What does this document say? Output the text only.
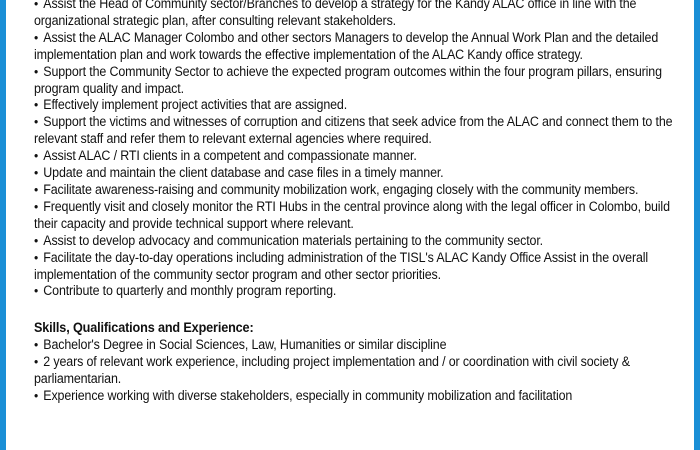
• Assist the Head of Community sector/Branches to develop a strategy for the Kandy ALAC office in line with the organizational strategic plan, after consulting relevant stakeholders.
• Assist the ALAC Manager Colombo and other sectors Managers to develop the Annual Work Plan and the detailed implementation plan and work towards the effective implementation of the ALAC Kandy office strategy.
• Support the Community Sector to achieve the expected program outcomes within the four program pillars, ensuring program quality and impact.
• Effectively implement project activities that are assigned.
• Support the victims and witnesses of corruption and citizens that seek advice from the ALAC and connect them to the relevant staff and refer them to relevant external agencies where required.
• Assist ALAC / RTI clients in a competent and compassionate manner.
• Update and maintain the client database and case files in a timely manner.
• Facilitate awareness-raising and community mobilization work, engaging closely with the community members.
• Frequently visit and closely monitor the RTI Hubs in the central province along with the legal officer in Colombo, build their capacity and provide technical support where relevant.
• Assist to develop advocacy and communication materials pertaining to the community sector.
• Facilitate the day-to-day operations including administration of the TISL's ALAC Kandy Office Assist in the overall implementation of the community sector program and other sector priorities.
• Contribute to quarterly and monthly program reporting.

Skills, Qualifications and Experience:

• Bachelor's Degree in Social Sciences, Law, Humanities or similar discipline
• 2 years of relevant work experience, including project implementation and / or coordination with civil society & parliamentarian.
• Experience working with diverse stakeholders, especially in community mobilization and facilitation
